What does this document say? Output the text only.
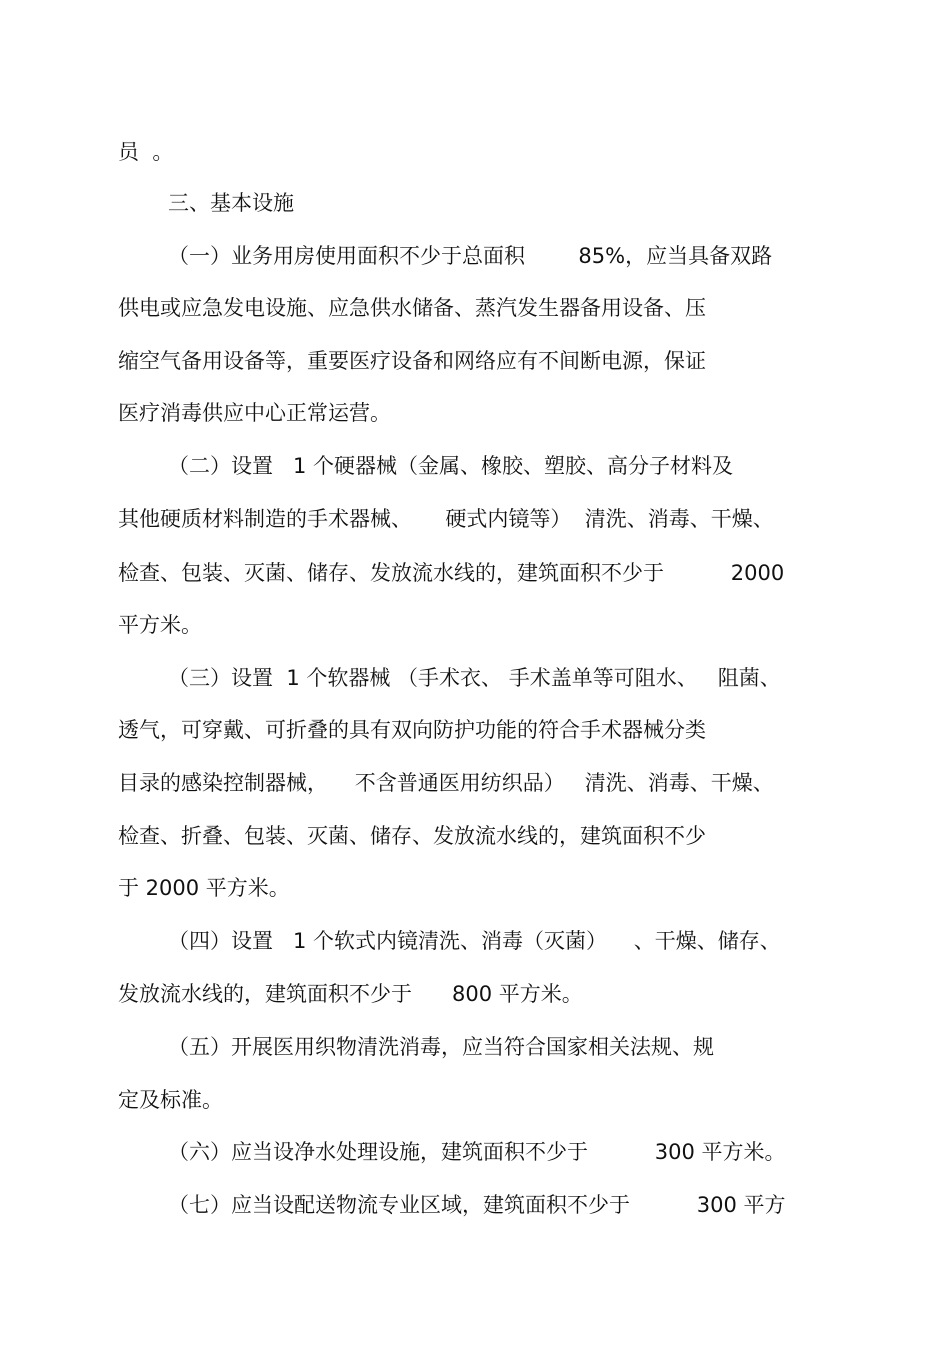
员  。
三、基本设施
（一）业务用房使用面积不少于总面积        85%，应当具备双路
供电或应急发电设施、应急供水储备、蒸汽发生器备用设备、压
缩空气备用设备等，重要医疗设备和网络应有不间断电源，保证
医疗消毒供应中心正常运营。
（二）设置   1 个硬器械（金属、橡胶、塑胶、高分子材料及
其他硬质材料制造的手术器械、     硬式内镜等）  清洗、消毒、干燥、
检查、包装、灭菌、储存、发放流水线的，建筑面积不少于          2000
平方米。
（三）设置  1 个软器械 （手术衣、 手术盖单等可阻水、   阻菌、
透气，可穿戴、可折叠的具有双向防护功能的符合手术器械分类
目录的感染控制器械，    不含普通医用纺织品）   清洗、消毒、干燥、
检查、折叠、包装、灭菌、储存、发放流水线的，建筑面积不少
于 2000 平方米。
（四）设置   1 个软式内镜清洗、消毒（灭菌）    、干燥、储存、
发放流水线的，建筑面积不少于      800 平方米。
（五）开展医用织物清洗消毒，应当符合国家相关法规、规
定及标准。
（六）应当设净水处理设施，建筑面积不少于          300 平方米。
（七）应当设配送物流专业区域，建筑面积不少于          300 平方
